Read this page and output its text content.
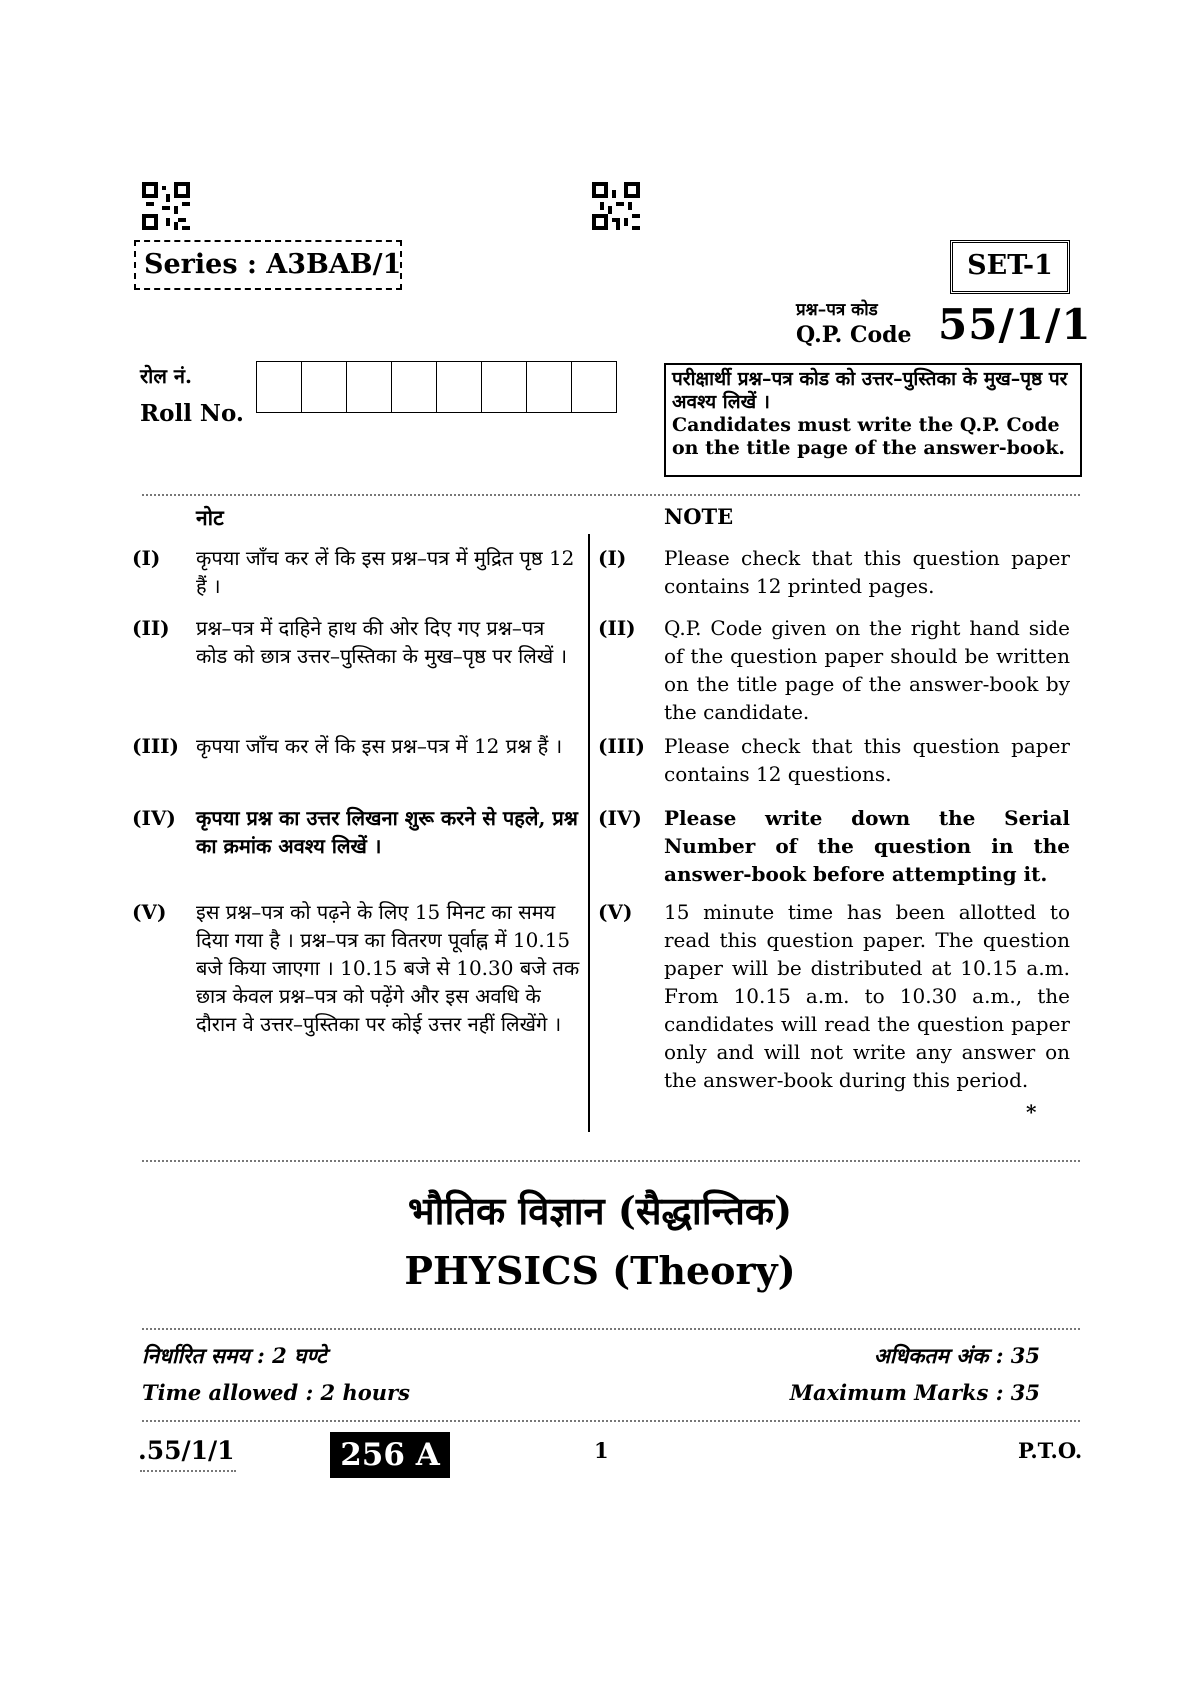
Series : A3BAB/1	SET-1
प्रश्न–पत्र कोड
Q.P. Code 55/1/1
रोल नं.
Roll No.
परीक्षार्थी प्रश्न–पत्र कोड को उत्तर–पुस्तिका के मुख–पृष्ठ पर अवश्य लिखें ।
Candidates must write the Q.P. Code on the title page of the answer-book.
नोट	NOTE
(I) कृपया जाँच कर लें कि इस प्रश्न–पत्र में मुद्रित पृष्ठ 12 हैं ।
(I) Please check that this question paper contains 12 printed pages.
(II) प्रश्न–पत्र में दाहिने हाथ की ओर दिए गए प्रश्न–पत्र कोड को छात्र उत्तर–पुस्तिका के मुख–पृष्ठ पर लिखें ।
(II) Q.P. Code given on the right hand side of the question paper should be written on the title page of the answer-book by the candidate.
(III) कृपया जाँच कर लें कि इस प्रश्न–पत्र में 12 प्रश्न हैं ।	(III) Please check that this question paper contains 12 questions.
(IV) कृपया प्रश्न का उत्तर लिखना शुरू करने से पहले, प्रश्न का क्रमांक अवश्य लिखें ।
(IV) Please write down the Serial Number of the question in the answer-book before attempting it.
(V) इस प्रश्न–पत्र को पढ़ने के लिए 15 मिनट का समय दिया गया है । प्रश्न–पत्र का वितरण पूर्वाह्न में 10.15 बजे किया जाएगा । 10.15 बजे से 10.30 बजे तक छात्र केवल प्रश्न–पत्र को पढ़ेंगे और इस अवधि के दौरान वे उत्तर–पुस्तिका पर कोई उत्तर नहीं लिखेंगे ।
(V) 15 minute time has been allotted to read this question paper. The question paper will be distributed at 10.15 a.m. From 10.15 a.m. to 10.30 a.m., the candidates will read the question paper only and will not write any answer on the answer-book during this period.
*
भौतिक विज्ञान (सैद्धान्तिक)
PHYSICS (Theory)
निर्धारित समय : 2 घण्टे
Time allowed : 2 hours
अधिकतम अंक : 35
Maximum Marks : 35
.55/1/1	256 A	1	P.T.O.
